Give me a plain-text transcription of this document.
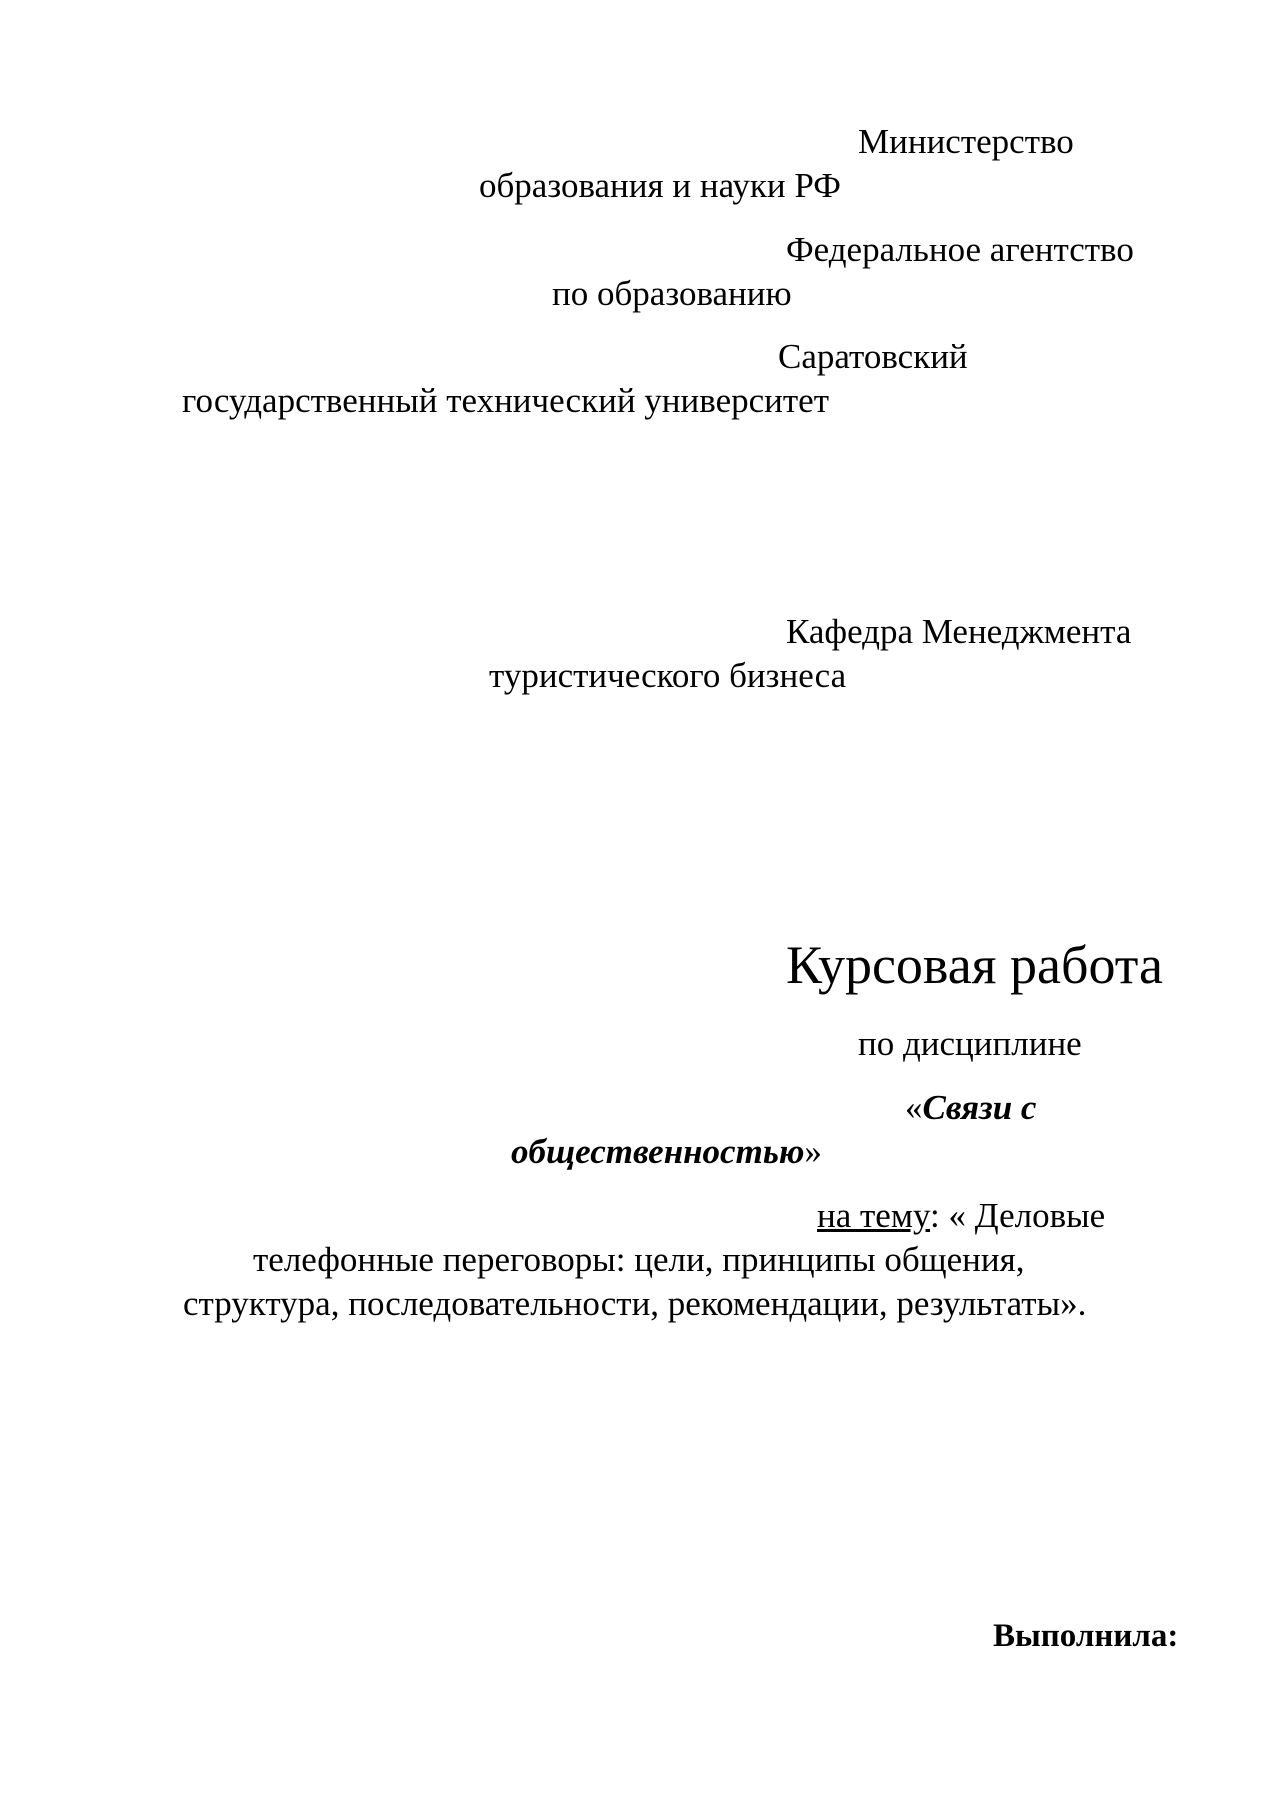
Министерство
образования и науки РФ
Федеральное агентство
по образованию
Саратовский
государственный технический университет
Кафедра Менеджмента
туристического бизнеса
Курсовая работа
по дисциплине
«Связи с
общественностью»
на тему: « Деловые
телефонные переговоры: цели, принципы общения,
структура, последовательности, рекомендации, результаты».
Выполнила:
